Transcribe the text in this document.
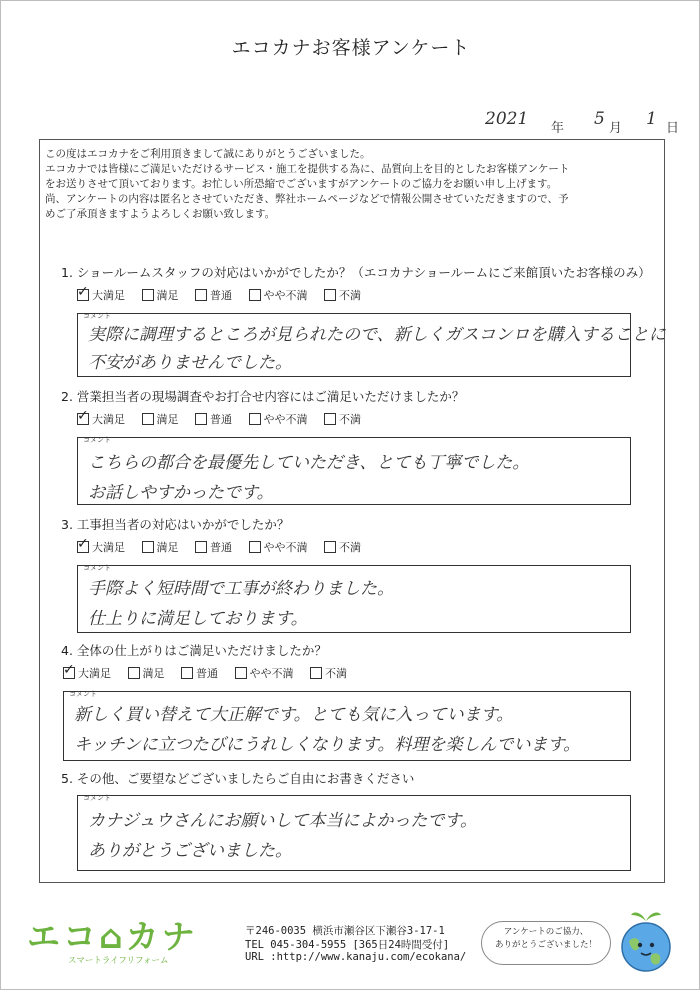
エコカナお客様アンケート
2021 年 5 月 1 日
この度はエコカナをご利用頂きまして誠にありがとうございました。
エコカナでは皆様にご満足いただけるサービス・施工を提供する為に、品質向上を目的としたお客様アンケート
をお送りさせて頂いております。お忙しい所恐縮でございますがアンケートのご協力をお願い申し上げます。
尚、アンケートの内容は匿名とさせていただき、弊社ホームページなどで情報公開させていただきますので、予
めご了承頂きますようよろしくお願い致します。
1. ショールームスタッフの対応はいかがでしたか？（エコカナショールームにご来館頂いたお客様のみ）
✓
大満足
	満足
	普通
	やや不満
	不満
コメント
実際に調理するところが見られたので、新しくガスコンロを購入することに
不安がありませんでした。
2. 営業担当者の現場調査やお打合せ内容にはご満足いただけましたか？
✓
大満足
	満足
	普通
	やや不満
	不満
コメント
こちらの都合を最優先していただき、とても丁寧でした。
お話しやすかったです。
3. 工事担当者の対応はいかがでしたか？
✓
大満足
	満足
	普通
	やや不満
	不満
コメント
手際よく短時間で工事が終わりました。
仕上りに満足しております。
4. 全体の仕上がりはご満足いただけましたか？
✓
大満足
	満足
	普通
	やや不満
	不満
コメント
新しく買い替えて大正解です。とても気に入っています。
キッチンに立つたびにうれしくなります。料理を楽しんでいます。
5. その他、ご要望などございましたらご自由にお書きください
コメント
カナジュウさんにお願いして本当によかったです。
ありがとうございました。
エコ⌂カナ
スマートライフリフォーム
〒246-0035 横浜市瀬谷区下瀬谷3-17-1
TEL 045-304-5955 [365日24時間受付]
URL :http://www.kanaju.com/ecokana/
アンケートのご協力、
ありがとうございました！
